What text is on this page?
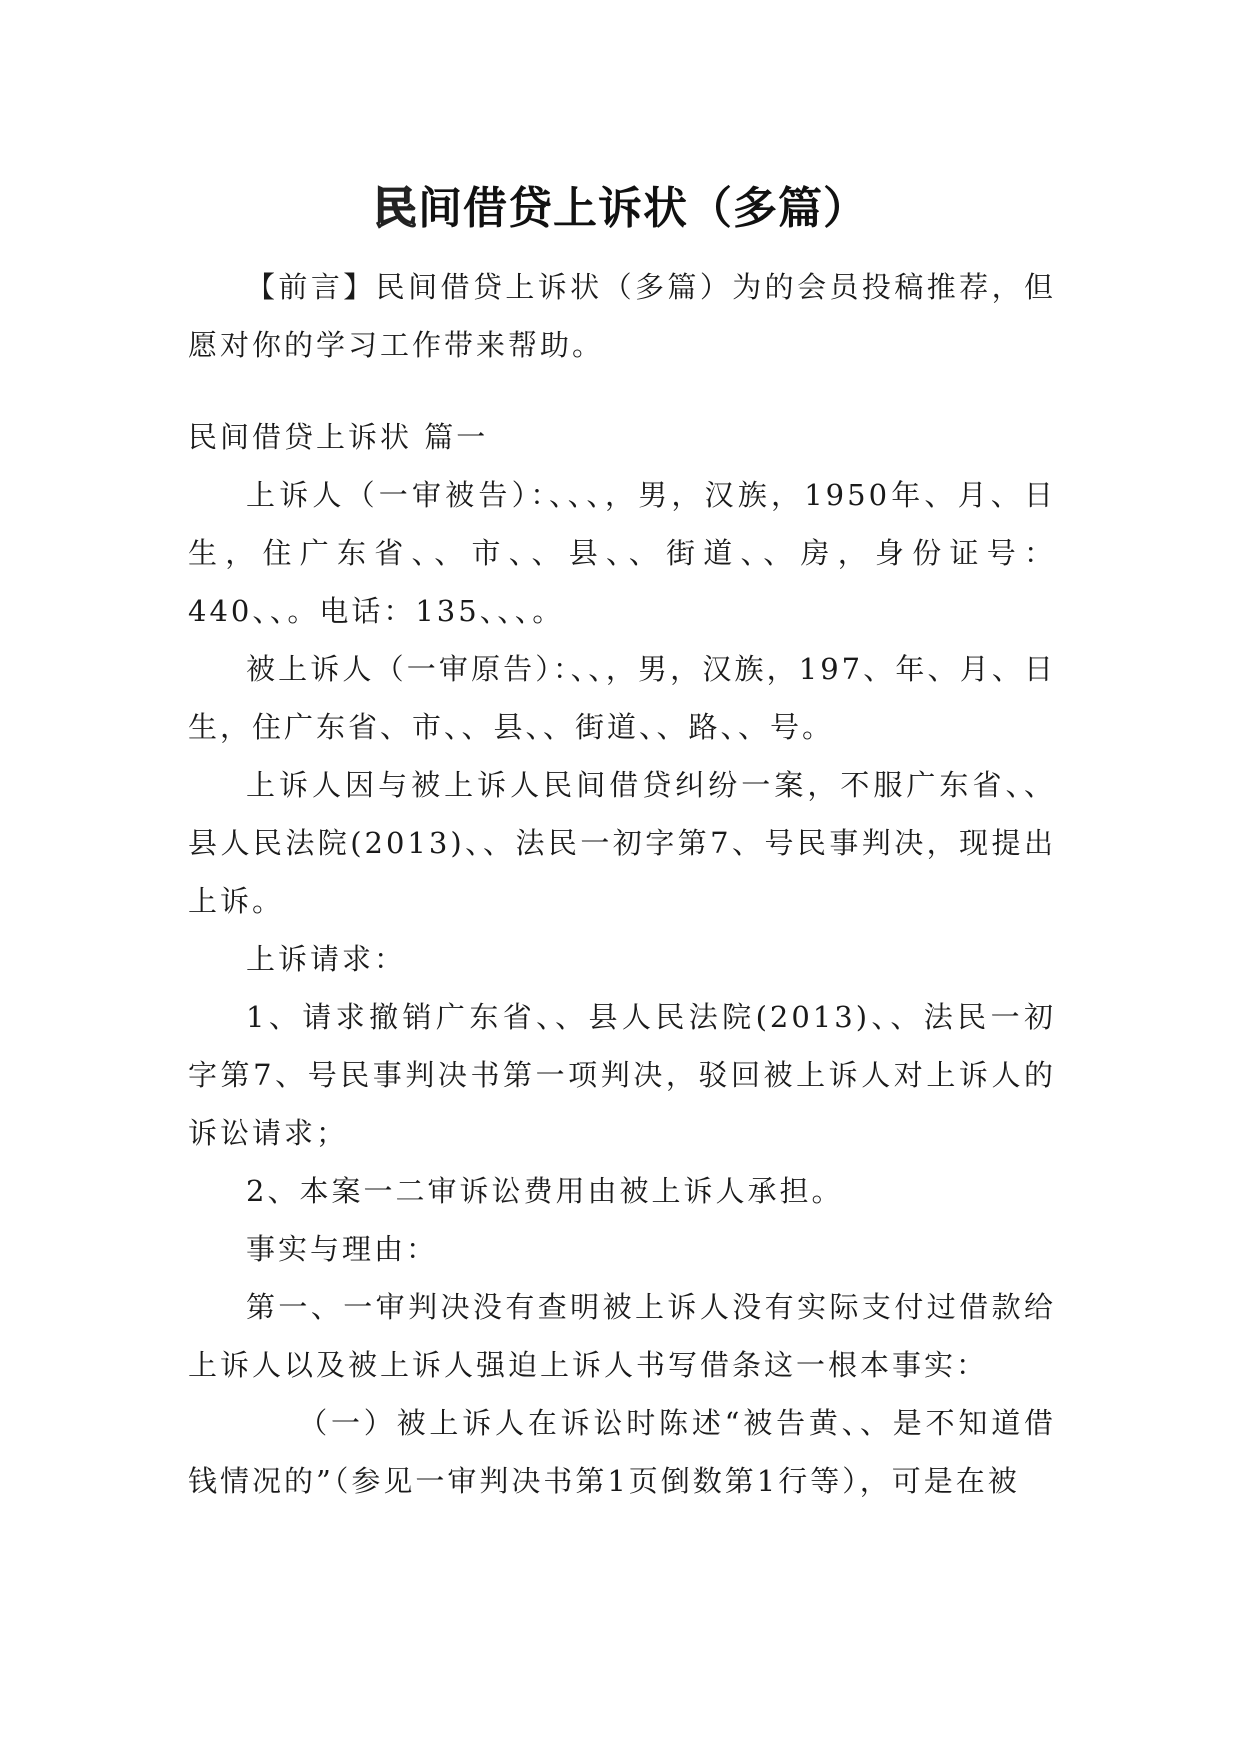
民间借贷上诉状（多篇）

【前言】民间借贷上诉状（多篇）为的会员投稿推荐，但愿对你的学习工作带来帮助。

民间借贷上诉状 篇一

上诉人（一审被告）：、、、，男，汉族，1950年、月、日生，住广东省、、市、、县、、街道、、房，身份证号：440、、。电话：135、、、。

被上诉人（一审原告）：、、，男，汉族，197、年、月、日生，住广东省、市、、县、、街道、、路、、号。

上诉人因与被上诉人民间借贷纠纷一案，不服广东省、、县人民法院(2013)、、法民一初字第7、号民事判决，现提出上诉。

上诉请求：

1、请求撤销广东省、、县人民法院(2013)、、法民一初字第7、号民事判决书第一项判决，驳回被上诉人对上诉人的诉讼请求；

2、本案一二审诉讼费用由被上诉人承担。

事实与理由：

第一、一审判决没有查明被上诉人没有实际支付过借款给上诉人以及被上诉人强迫上诉人书写借条这一根本事实：

（一）被上诉人在诉讼时陈述“被告黄、、是不知道借钱情况的”（参见一审判决书第1页倒数第1行等），可是在被
